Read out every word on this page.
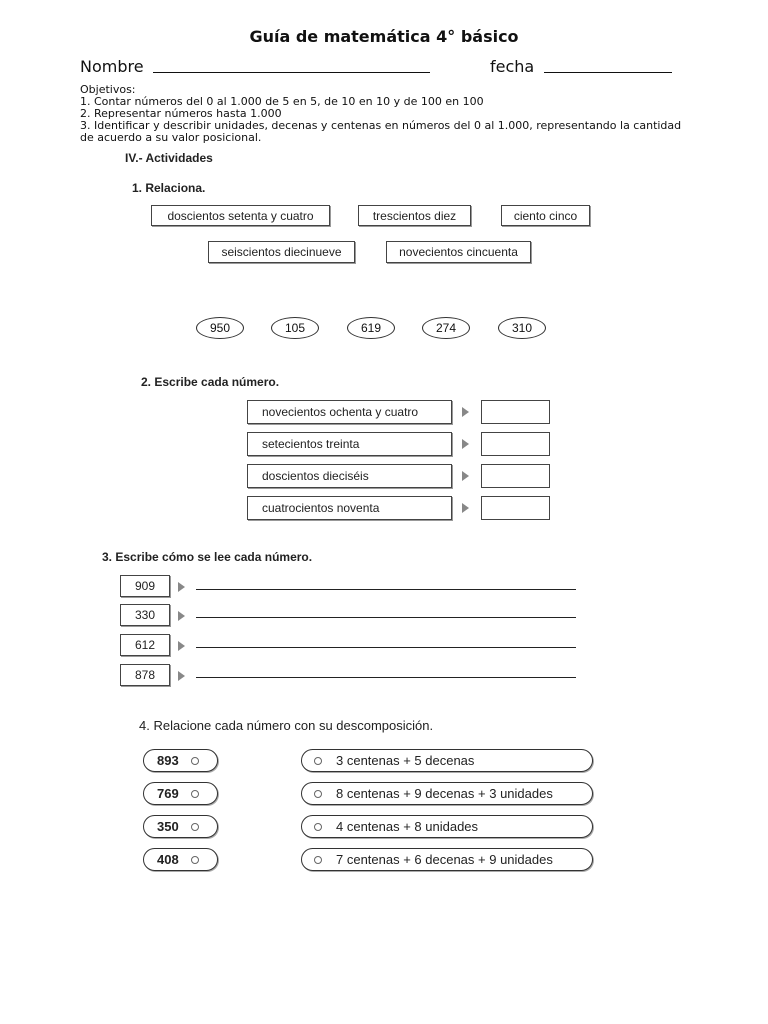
Guía de matemática 4° básico
Nombre	fecha
Objetivos:
1. Contar números del 0 al 1.000 de 5 en 5, de 10 en 10 y de 100 en 100
2. Representar números hasta 1.000
3. Identificar y describir unidades, decenas y centenas en números del 0 al 1.000, representando la cantidad
de acuerdo a su valor posicional.
IV.- Actividades
1. Relaciona.
doscientos setenta y cuatro	trescientos diez	ciento cinco
seiscientos diecinueve	novecientos cincuenta
950	105	619	274	310
2. Escribe cada número.
novecientos ochenta y cuatro
setecientos treinta
doscientos dieciséis
cuatrocientos noventa
3. Escribe cómo se lee cada número.
909
330
612
878
4. Relacione cada número con su descomposición.
893	3 centenas + 5 decenas
769	8 centenas + 9 decenas + 3 unidades
350	4 centenas + 8 unidades
408	7 centenas + 6 decenas + 9 unidades
